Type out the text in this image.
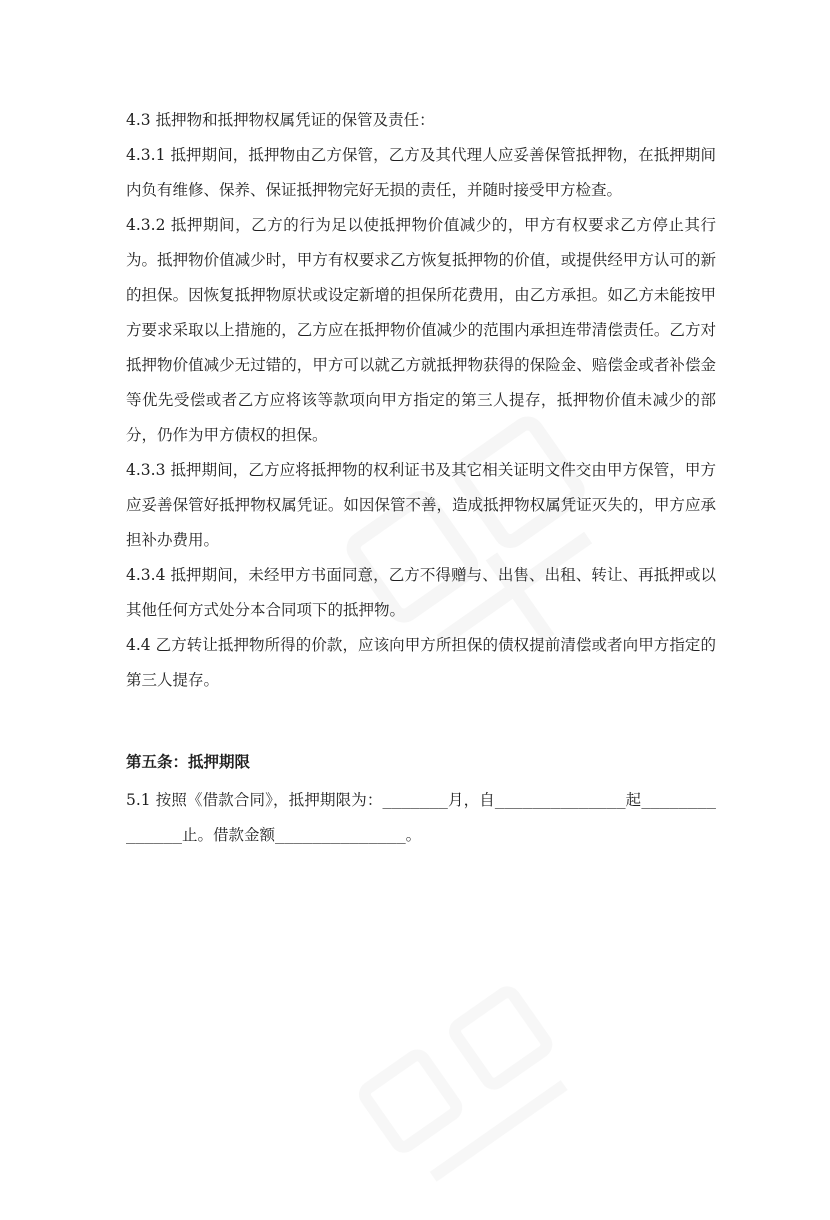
4.3 抵押物和抵押物权属凭证的保管及责任：

4.3.1 抵押期间，抵押物由乙方保管，乙方及其代理人应妥善保管抵押物，在抵押期间内负有维修、保养、保证抵押物完好无损的责任，并随时接受甲方检查。

4.3.2 抵押期间，乙方的行为足以使抵押物价值减少的，甲方有权要求乙方停止其行为。抵押物价值减少时，甲方有权要求乙方恢复抵押物的价值，或提供经甲方认可的新的担保。因恢复抵押物原状或设定新增的担保所花费用，由乙方承担。如乙方未能按甲方要求采取以上措施的，乙方应在抵押物价值减少的范围内承担连带清偿责任。乙方对抵押物价值减少无过错的，甲方可以就乙方就抵押物获得的保险金、赔偿金或者补偿金等优先受偿或者乙方应将该等款项向甲方指定的第三人提存，抵押物价值未减少的部分，仍作为甲方债权的担保。

4.3.3 抵押期间，乙方应将抵押物的权利证书及其它相关证明文件交由甲方保管，甲方应妥善保管好抵押物权属凭证。如因保管不善，造成抵押物权属凭证灭失的，甲方应承担补办费用。

4.3.4 抵押期间，未经甲方书面同意，乙方不得赠与、出售、出租、转让、再抵押或以其他任何方式处分本合同项下的抵押物。

4.4 乙方转让抵押物所得的价款，应该向甲方所担保的债权提前清偿或者向甲方指定的第三人提存。

第五条：抵押期限

5.1 按照《借款合同》，抵押期限为：_______月，自______________起______________止。借款金额______________。
